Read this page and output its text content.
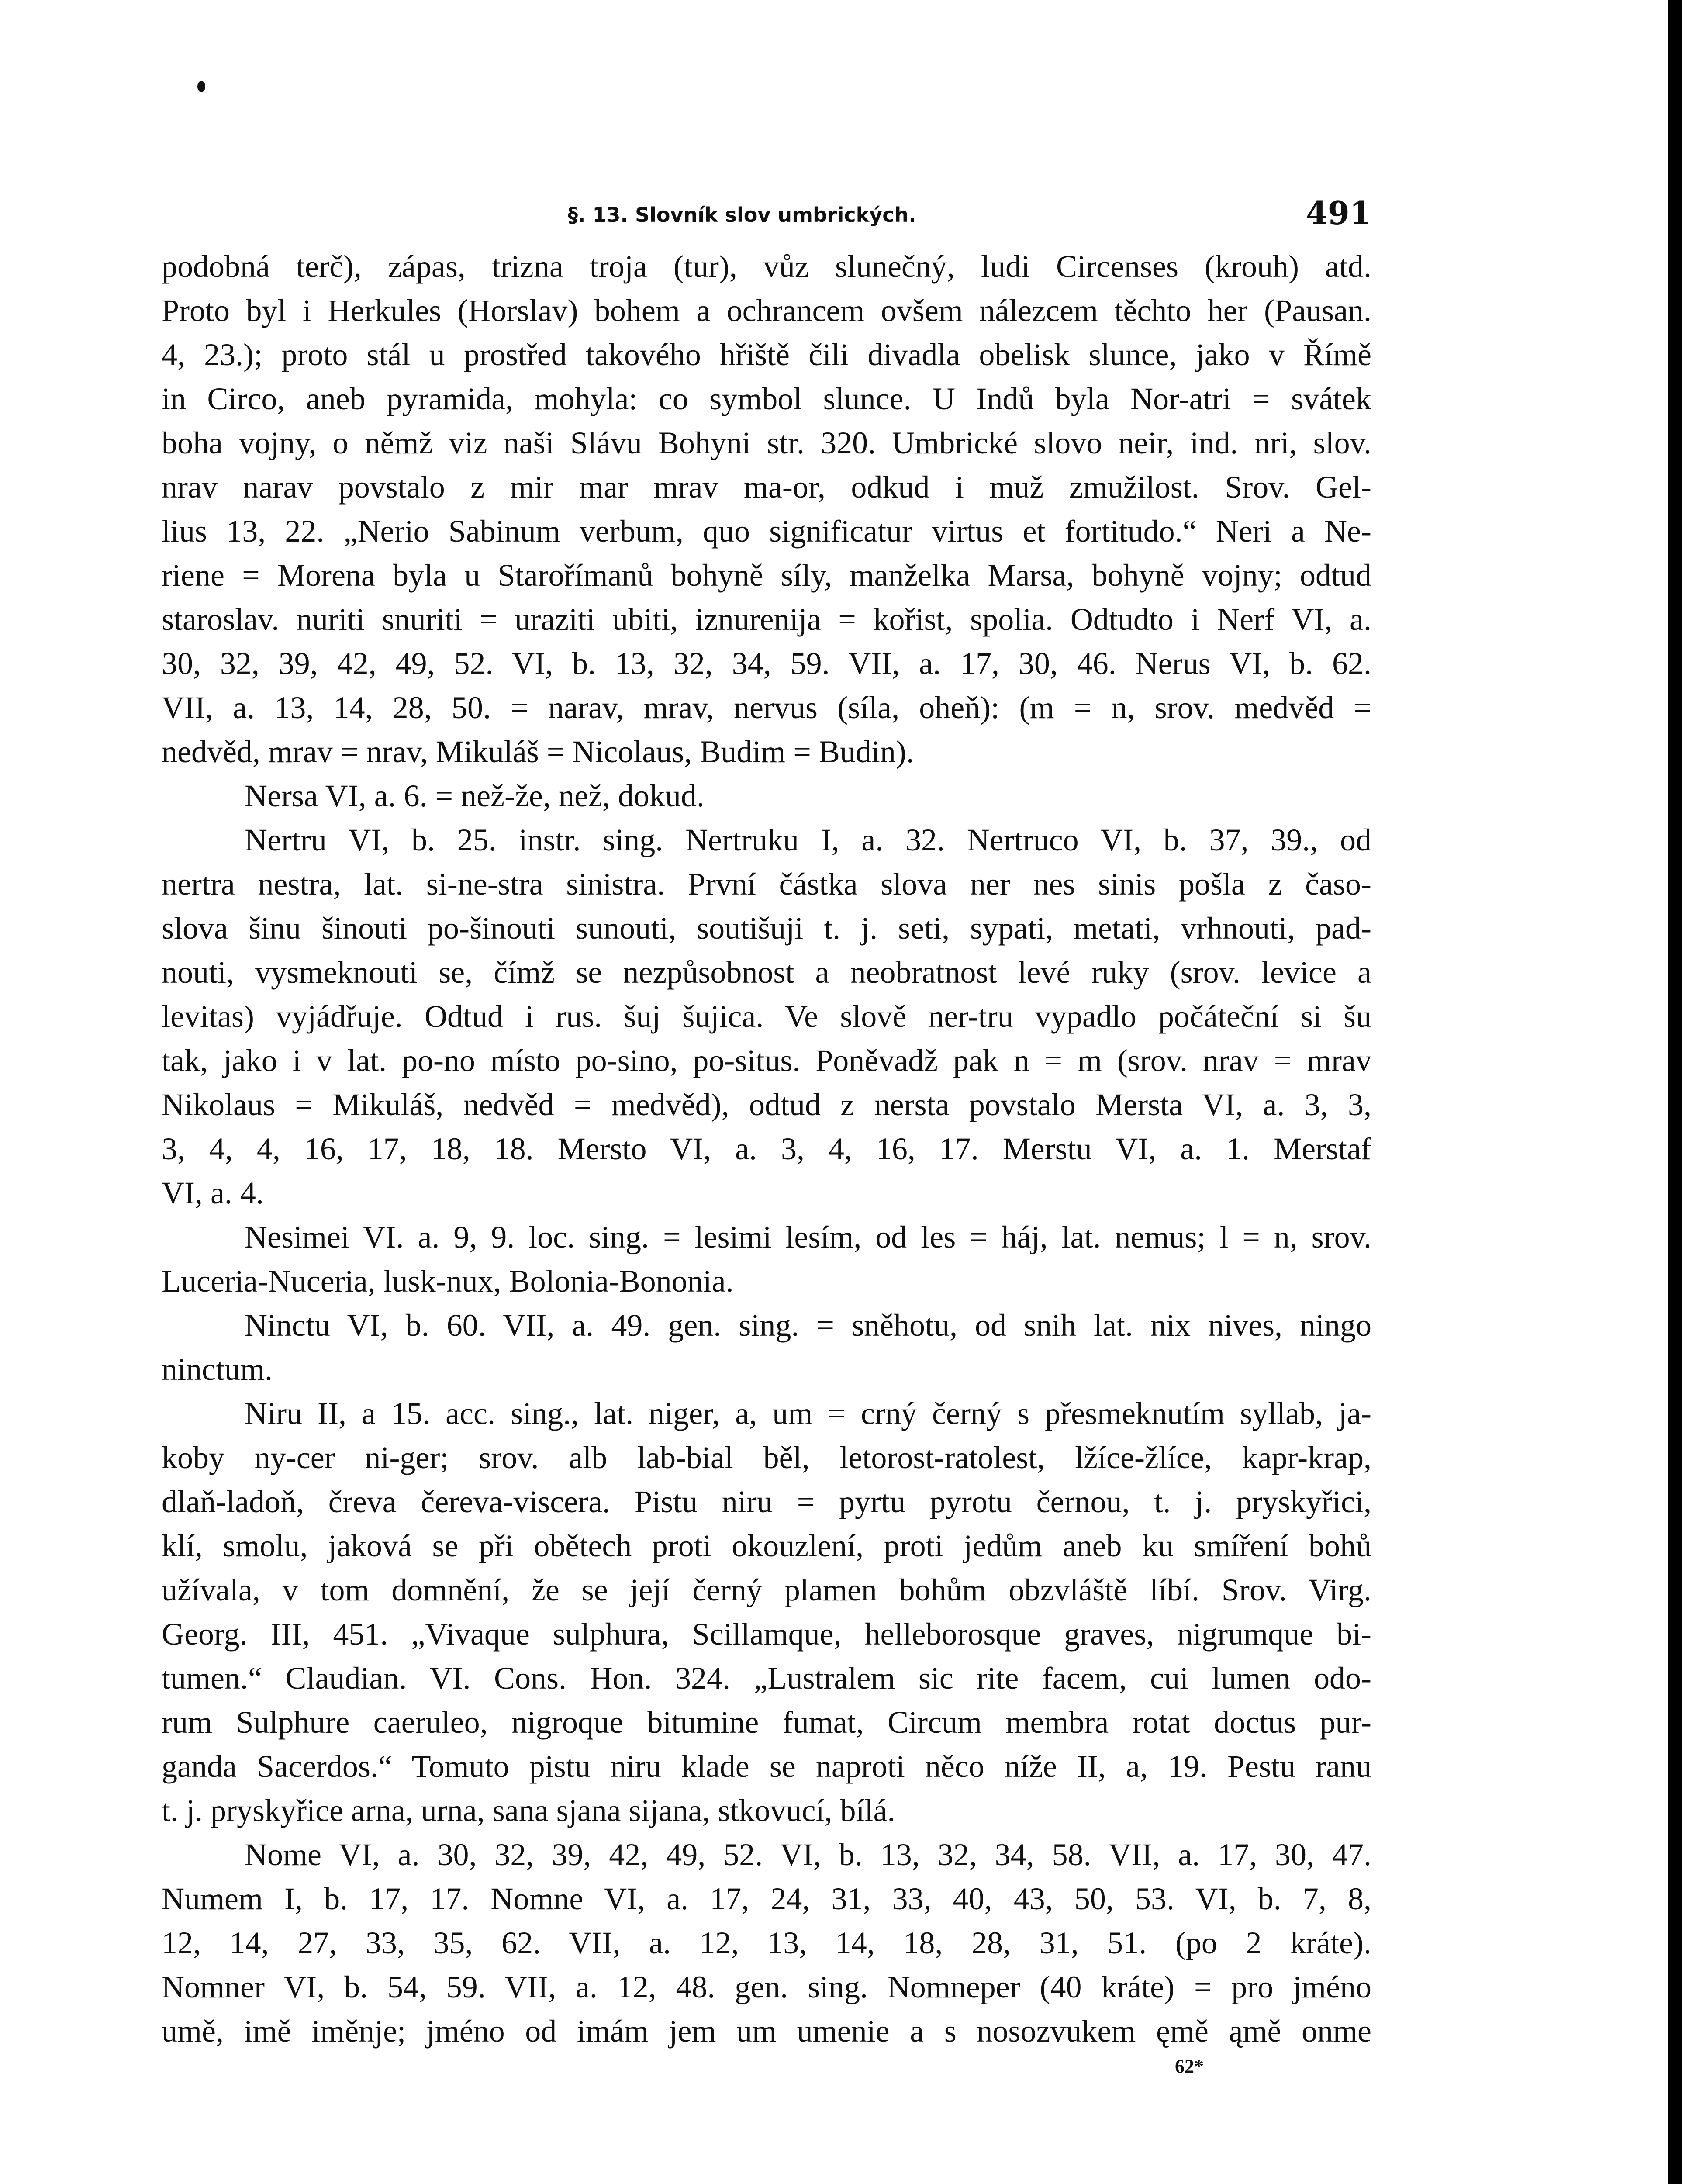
§. 13. Slovník slov umbrických.	491
podobná terč), zápas, trizna troja (tur), vůz slunečný, ludi Circenses (krouh) atd.
Proto byl i Herkules (Horslav) bohem a ochrancem ovšem nálezcem těchto her (Pausan.
4, 23.); proto stál u prostřed takového hřiště čili divadla obelisk slunce, jako v Římě
in Circo, aneb pyramida, mohyla: co symbol slunce. U Indů byla Nor-atri = svátek
boha vojny, o němž viz naši Slávu Bohyni str. 320. Umbrické slovo neir, ind. nri, slov.
nrav narav povstalo z mir mar mrav ma-or, odkud i muž zmužilost. Srov. Gel-
lius 13, 22. „Nerio Sabinum verbum, quo significatur virtus et fortitudo.“ Neri a Ne-
riene = Morena byla u Starořímanů bohyně síly, manželka Marsa, bohyně vojny; odtud
staroslav. nuriti snuriti = uraziti ubiti, iznurenija = kořist, spolia. Odtudto i Nerf VI, a.
30, 32, 39, 42, 49, 52. VI, b. 13, 32, 34, 59. VII, a. 17, 30, 46. Nerus VI, b. 62.
VII, a. 13, 14, 28, 50. = narav, mrav, nervus (síla, oheň): (m = n, srov. medvěd =
nedvěd, mrav = nrav, Mikuláš = Nicolaus, Budim = Budin).
Nersa VI, a. 6. = než-že, než, dokud.
Nertru VI, b. 25. instr. sing. Nertruku I, a. 32. Nertruco VI, b. 37, 39., od
nertra nestra, lat. si-ne-stra sinistra. První částka slova ner nes sinis pošla z časo-
slova šinu šinouti po-šinouti sunouti, soutišuji t. j. seti, sypati, metati, vrhnouti, pad-
nouti, vysmeknouti se, čímž se nezpůsobnost a neobratnost levé ruky (srov. levice a
levitas) vyjádřuje. Odtud i rus. šuj šujica. Ve slově ner-tru vypadlo počáteční si šu
tak, jako i v lat. po-no místo po-sino, po-situs. Poněvadž pak n = m (srov. nrav = mrav
Nikolaus = Mikuláš, nedvěd = medvěd), odtud z nersta povstalo Mersta VI, a. 3, 3,
3, 4, 4, 16, 17, 18, 18. Mersto VI, a. 3, 4, 16, 17. Merstu VI, a. 1. Merstaf
VI, a. 4.
Nesimei VI. a. 9, 9. loc. sing. = lesimi lesím, od les = háj, lat. nemus; l = n, srov.
Luceria-Nuceria, lusk-nux, Bolonia-Bononia.
Ninctu VI, b. 60. VII, a. 49. gen. sing. = sněhotu, od snih lat. nix nives, ningo
ninctum.
Niru II, a 15. acc. sing., lat. niger, a, um = crný černý s přesmeknutím syllab, ja-
koby ny-cer ni-ger; srov. alb lab-bial běl, letorost-ratolest, lžíce-žlíce, kapr-krap,
dlaň-ladoň, čreva čereva-viscera. Pistu niru = pyrtu pyrotu černou, t. j. pryskyřici,
klí, smolu, jaková se při obětech proti okouzlení, proti jedům aneb ku smíření bohů
užívala, v tom domnění, že se její černý plamen bohům obzvláště líbí. Srov. Virg.
Georg. III, 451. „Vivaque sulphura, Scillamque, helleborosque graves, nigrumque bi-
tumen.“ Claudian. VI. Cons. Hon. 324. „Lustralem sic rite facem, cui lumen odo-
rum Sulphure caeruleo, nigroque bitumine fumat, Circum membra rotat doctus pur-
ganda Sacerdos.“ Tomuto pistu niru klade se naproti něco níže II, a, 19. Pestu ranu
t. j. pryskyřice arna, urna, sana sjana sijana, stkovucí, bílá.
Nome VI, a. 30, 32, 39, 42, 49, 52. VI, b. 13, 32, 34, 58. VII, a. 17, 30, 47.
Numem I, b. 17, 17. Nomne VI, a. 17, 24, 31, 33, 40, 43, 50, 53. VI, b. 7, 8,
12, 14, 27, 33, 35, 62. VII, a. 12, 13, 14, 18, 28, 31, 51. (po 2 kráte).
Nomner VI, b. 54, 59. VII, a. 12, 48. gen. sing. Nomneper (40 kráte) = pro jméno
umě, imě iměnje; jméno od imám jem um umenie a s nosozvukem ęmě ąmě onme
62*
